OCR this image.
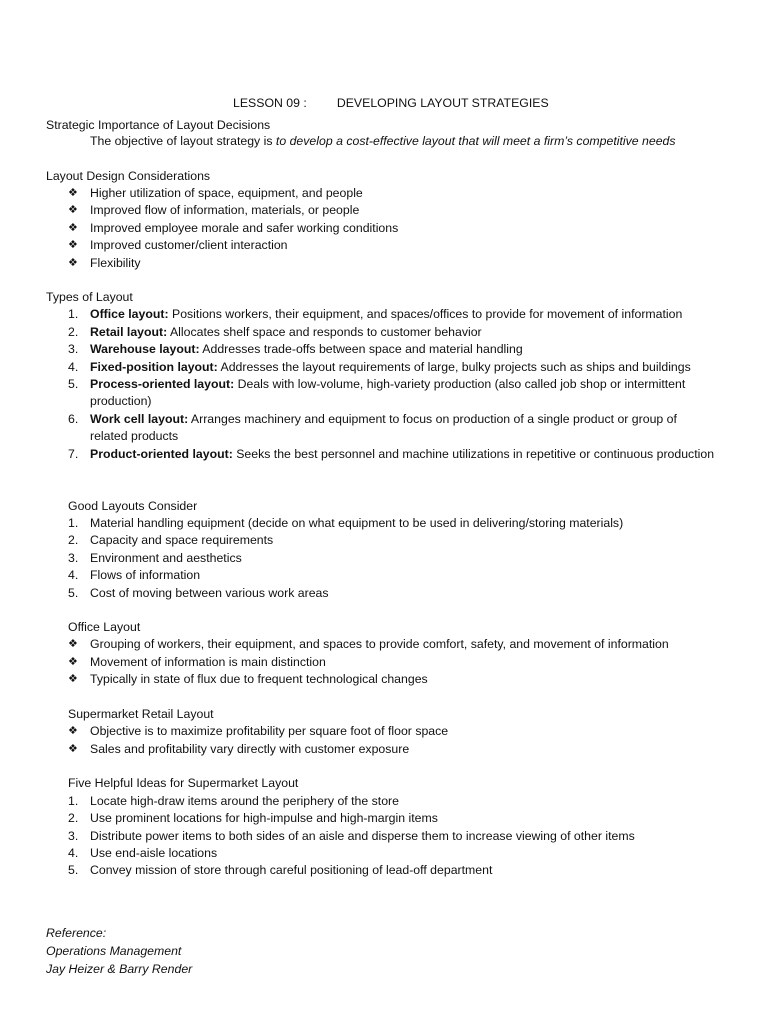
LESSON 09 : DEVELOPING LAYOUT STRATEGIES

Strategic Importance of Layout Decisions
The objective of layout strategy is to develop a cost-effective layout that will meet a firm’s competitive needs
Layout Design Considerations
❖ Higher utilization of space, equipment, and people
❖ Improved flow of information, materials, or people
❖ Improved employee morale and safer working conditions
❖ Improved customer/client interaction
❖ Flexibility
Types of Layout
1. Office layout: Positions workers, their equipment, and spaces/offices to provide for movement of information
2. Retail layout: Allocates shelf space and responds to customer behavior
3. Warehouse layout: Addresses trade-offs between space and material handling
4. Fixed-position layout: Addresses the layout requirements of large, bulky projects such as ships and buildings
5. Process-oriented layout: Deals with low-volume, high-variety production (also called job shop or intermittent production)
6. Work cell layout: Arranges machinery and equipment to focus on production of a single product or group of related products
7. Product-oriented layout: Seeks the best personnel and machine utilizations in repetitive or continuous production
Good Layouts Consider
1. Material handling equipment (decide on what equipment to be used in delivering/storing materials)
2. Capacity and space requirements
3. Environment and aesthetics
4. Flows of information
5. Cost of moving between various work areas
Office Layout
❖ Grouping of workers, their equipment, and spaces to provide comfort, safety, and movement of information
❖ Movement of information is main distinction
❖ Typically in state of flux due to frequent technological changes
Supermarket Retail Layout
❖ Objective is to maximize profitability per square foot of floor space
❖ Sales and profitability vary directly with customer exposure
Five Helpful Ideas for Supermarket Layout
1. Locate high-draw items around the periphery of the store
2. Use prominent locations for high-impulse and high-margin items
3. Distribute power items to both sides of an aisle and disperse them to increase viewing of other items
4. Use end-aisle locations
5. Convey mission of store through careful positioning of lead-off department
Reference:
Operations Management
Jay Heizer & Barry Render
